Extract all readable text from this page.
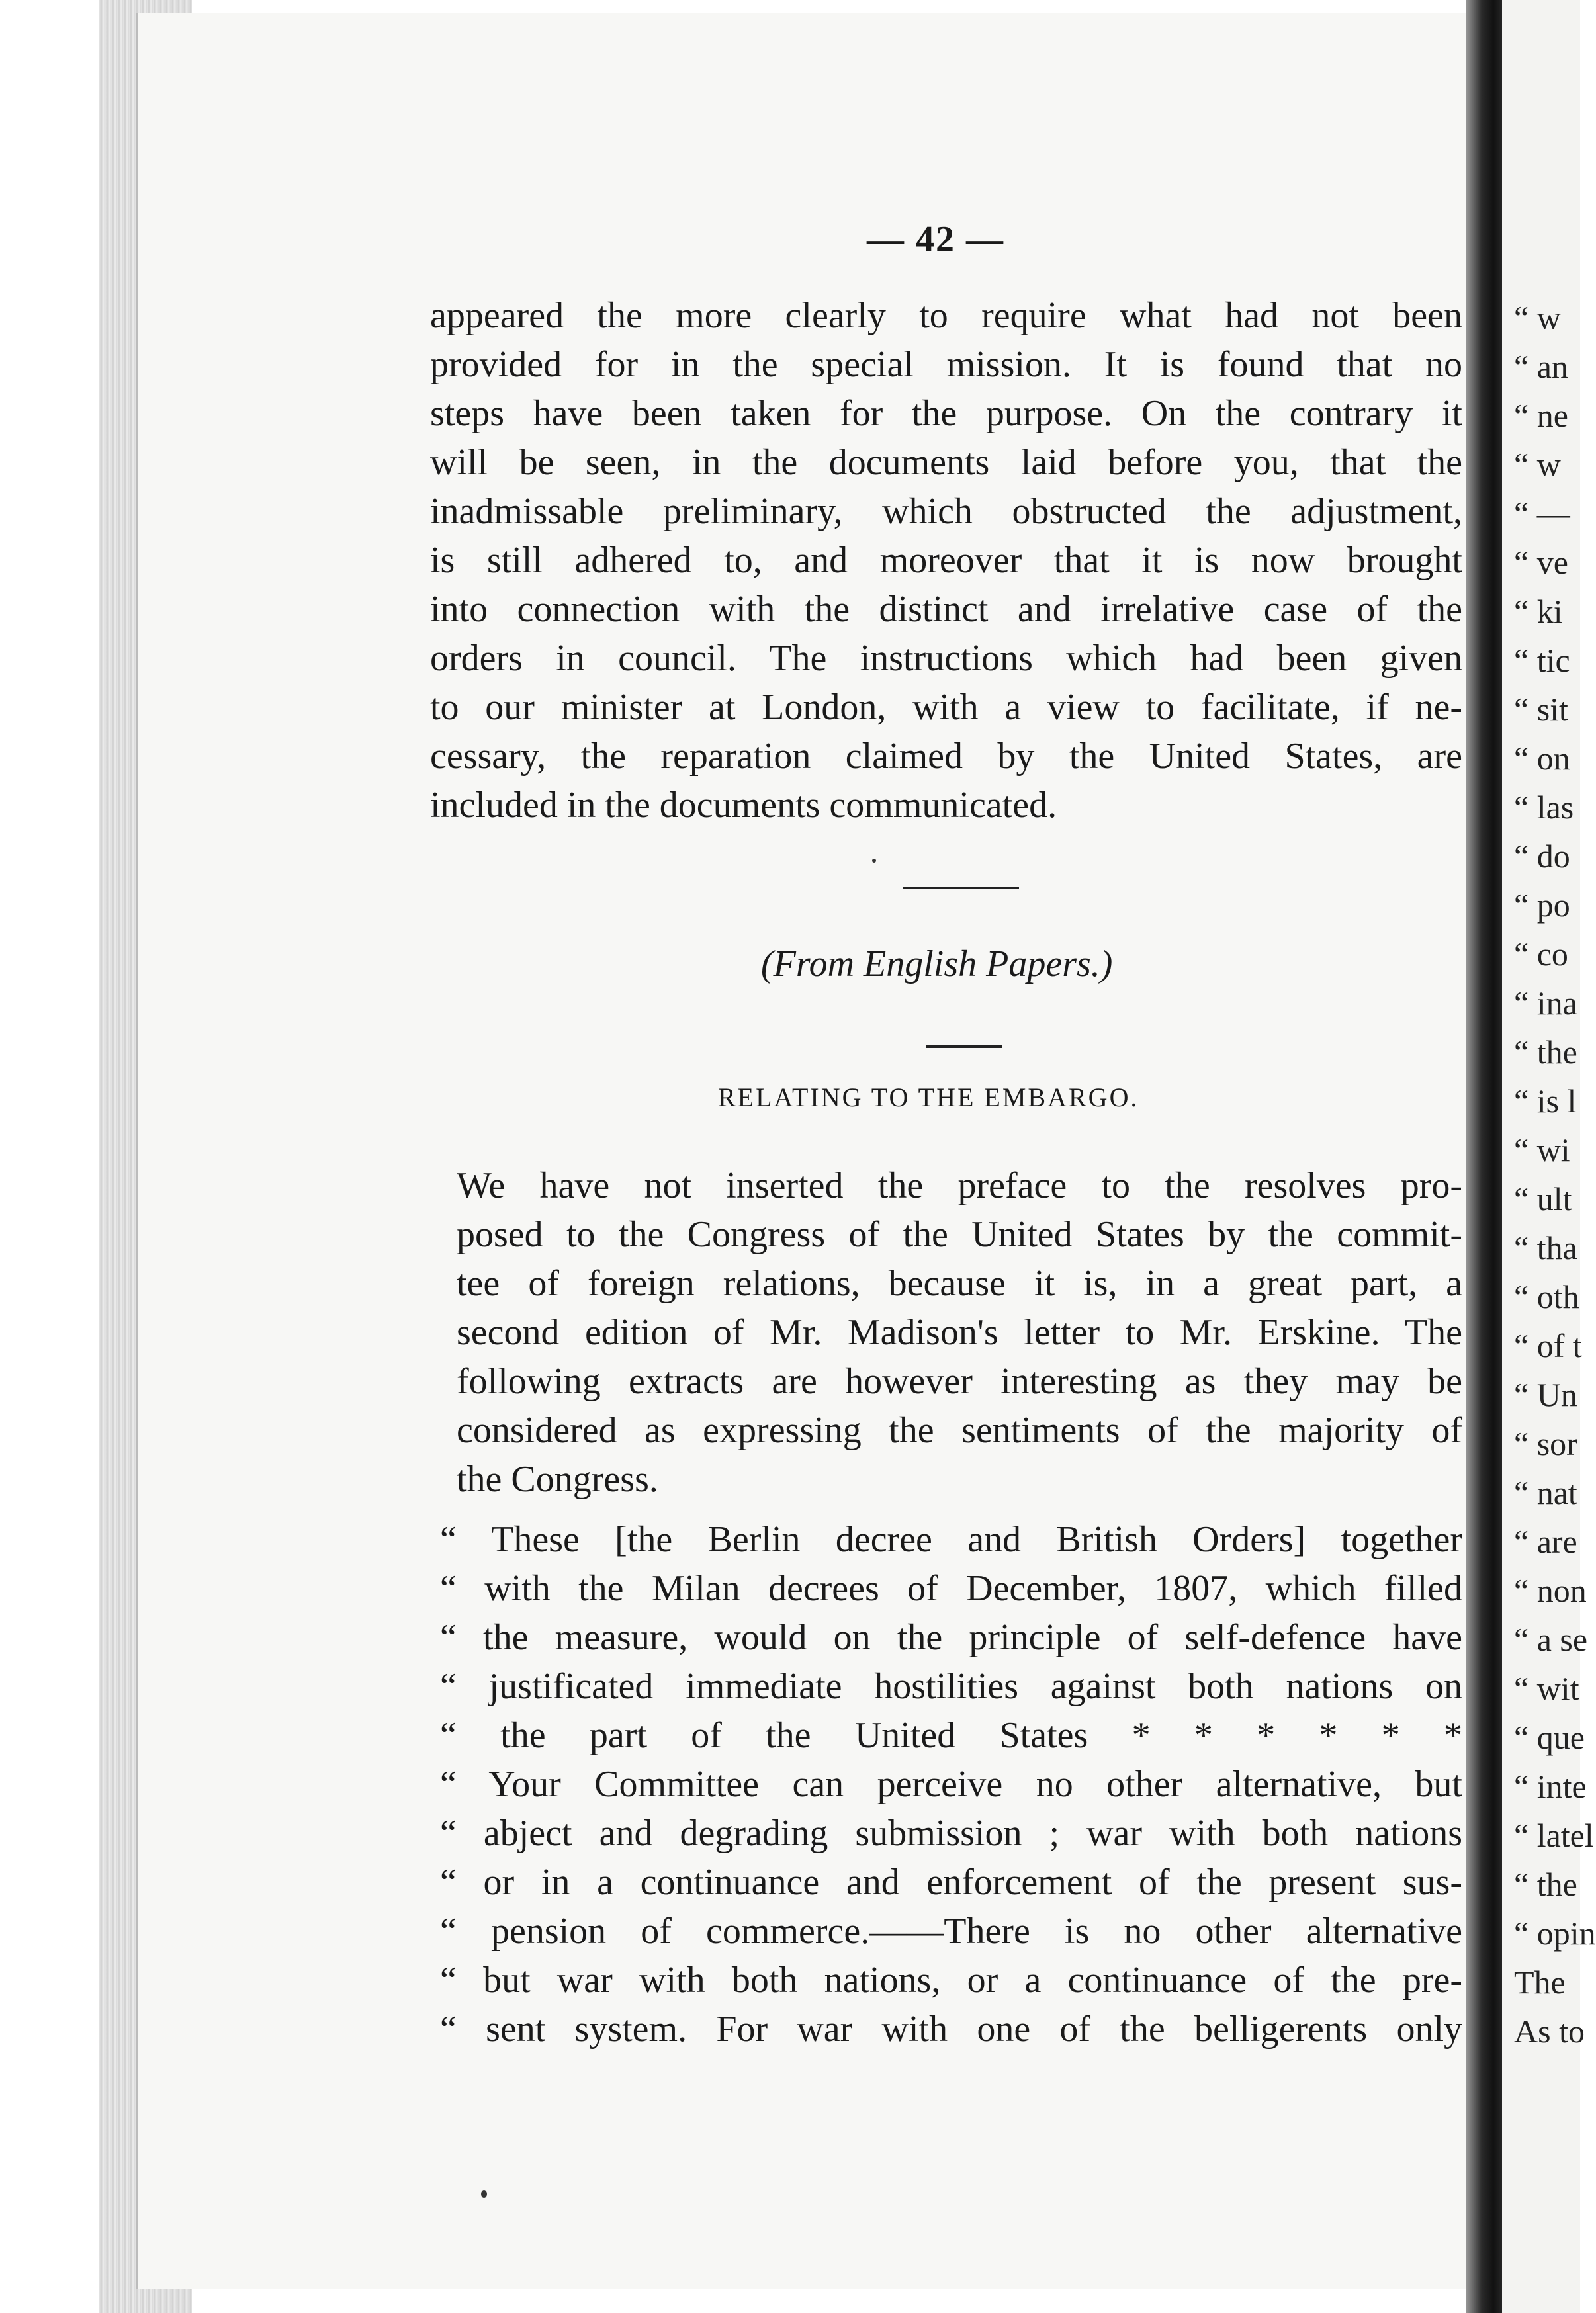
“ w
“ an
“ ne
“ w
“ —
“ ve
“ ki
“ tic
“ sit
“ on
“ las
“ do
“ po
“ co
“ ina
“ the
“ is l
“ wi
“ ult
“ tha
“ oth
“ of t
“ Un
“ sor
“ nat
“ are
“ non
“ a se
“ wit
“ que
“ inte
“ latel
“ the
“ opin
The
As to
— 42 —
appeared the more clearly to require what had not been
provided for in the special mission. It is found that no
steps have been taken for the purpose. On the contrary it
will be seen, in the documents laid before you, that the
inadmissable preliminary, which obstructed the adjustment,
is still adhered to, and moreover that it is now brought
into connection with the distinct and irrelative case of the
orders in council. The instructions which had been given
to our minister at London, with a view to facilitate, if ne-
cessary, the reparation claimed by the United States, are
included in the documents communicated.
(From English Papers.)
RELATING TO THE EMBARGO.
We have not inserted the preface to the resolves pro-
posed to the Congress of the United States by the commit-
tee of foreign relations, because it is, in a great part, a
second edition of Mr. Madison's letter to Mr. Erskine. The
following extracts are however interesting as they may be
considered as expressing the sentiments of the majority of
the Congress.
“ These [the Berlin decree and British Orders] together
“ with the Milan decrees of December, 1807, which filled
“ the measure, would on the principle of self-defence have
“ justificated immediate hostilities against both nations on
“ the part of the United States * * * * * *
“ Your Committee can perceive no other alternative, but
“ abject and degrading submission ; war with both nations
“ or in a continuance and enforcement of the present sus-
“ pension of commerce.——There is no other alternative
“ but war with both nations, or a continuance of the pre-
“ sent system. For war with one of the belligerents only
